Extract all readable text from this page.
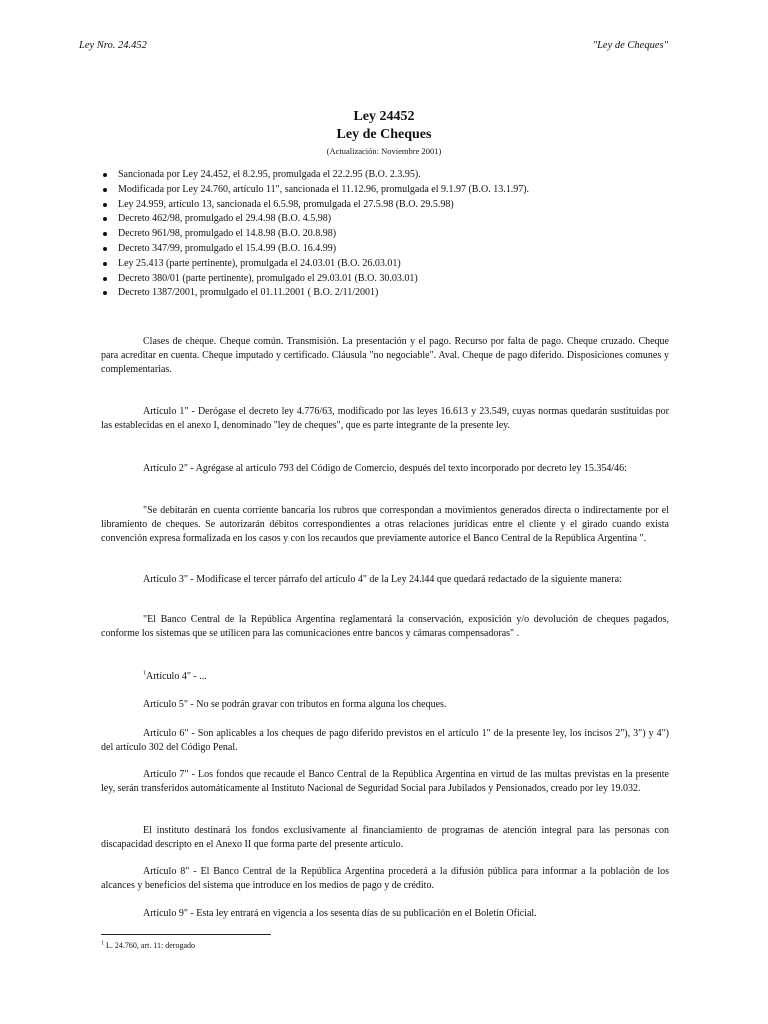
Ley Nro. 24.452	"Ley de Cheques"
Ley 24452
Ley de Cheques
(Actualización: Noviembre 2001)
Sancionada por Ley 24.452, el 8.2.95, promulgada el 22.2.95 (B.O. 2.3.95).
Modificada por Ley 24.760, artículo 11", sancionada el 11.12.96, promulgada el 9.1.97 (B.O. 13.1.97).
Ley 24.959, artículo 13, sancionada el 6.5.98, promulgada el 27.5.98 (B.O. 29.5.98)
Decreto 462/98, promulgado el 29.4.98 (B.O. 4.5.98)
Decreto 961/98, promulgado el 14.8.98 (B.O. 20.8.98)
Decreto 347/99, promulgado el 15.4.99 (B.O. 16.4.99)
Ley 25.413 (parte pertinente), promulgada el 24.03.01 (B.O. 26.03.01)
Decreto 380/01 (parte pertinente), promulgado el 29.03.01 (B.O. 30.03.01)
Decreto 1387/2001, promulgado el 01.11.2001 ( B.O. 2/11/2001)

Clases de cheque. Cheque común. Transmisión. La presentación y el pago. Recurso por falta de pago. Cheque cruzado. Cheque para acreditar en cuenta. Cheque imputado y certificado. Cláusula "no negociable". Aval. Cheque de pago diferido. Disposiciones comunes y complementarias.

Artículo 1" - Derógase el decreto ley 4.776/63, modificado por las leyes 16.613 y 23.549, cuyas normas quedarán sustituidas por las establecidas en el anexo I, denominado "ley de cheques", que es parte integrante de la presente ley.

Artículo 2" - Agrégase al artículo 793 del Código de Comercio, después del texto incorporado por decreto ley 15.354/46:

"Se debitarán en cuenta corriente bancaria los rubros que correspondan a movimientos generados directa o indirectamente por el libramiento de cheques. Se autorizarán débitos correspondientes a otras relaciones jurídicas entre el cliente y el girado cuando exista convención expresa formalizada en los casos y con los recaudos que previamente autorice el Banco Central de la República Argentina ".

Artículo 3" - Modifícase el tercer párrafo del artículo 4" de la Ley 24.l44 que quedará redactado de la siguiente manera:

"El Banco Central de la República Argentina reglamentará la conservación, exposición y/o devolución de cheques pagados, conforme los sistemas que se utilicen para las comunicaciones entre bancos y cámaras compensadoras" .

$^1$Artículo 4" - ...

Artículo 5" - No se podrán gravar con tributos en forma alguna los cheques.

Artículo 6" - Son aplicables a los cheques de pago diferido previstos en el artículo 1" de la presente ley, los incisos 2"), 3") y 4") del artículo 302 del Código Penal.

Artículo 7" - Los fondos que recaude el Banco Central de la República Argentina en virtud de las multas previstas en la presente ley, serán transferidos automáticamente al Instituto Nacional de Seguridad Social para Jubilados y Pensionados, creado por ley 19.032.

El instituto destinará los fondos exclusivamente al financiamiento de programas de atención integral para las personas con discapacidad descripto en el Anexo II que forma parte del presente artículo.

Artículo 8" - El Banco Central de la República Argentina procederá a la difusión pública para informar a la población de los alcances y beneficios del sistema que introduce en los medios de pago y de crédito.

Artículo 9" - Esta ley entrará en vigencia a los sesenta días de su publicación en el Boletín Oficial.

$^1$ L. 24.760, art. 11: derogado
